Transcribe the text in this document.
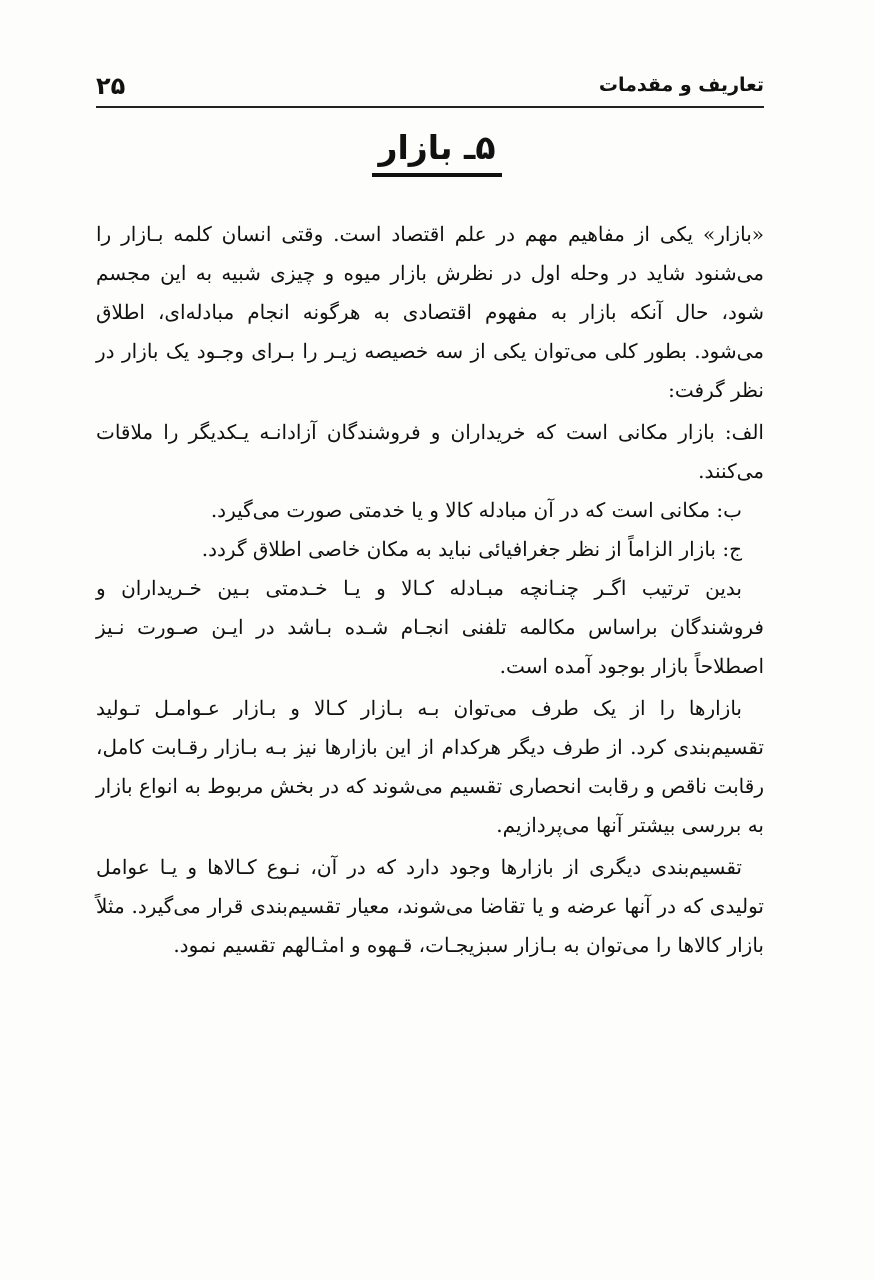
تعاریف و مقدمات
۲۵
۵ـ بازار

«بازار» یکی از مفاهیم مهم در علم اقتصاد است. وقتی انسان کلمه بـازار را می‌شنود شاید در وحله اول در نظرش بازار میوه و چیزی شبیه به این مجسم شود، حال آنکه بازار به مفهوم اقتصادی به هرگونه انجام مبادله‌ای، اطلاق می‌شود. بطور کلی می‌توان یکی از سه خصیصه زیـر را بـرای وجـود یک بازار در نظر گرفت:

الف: بازار مکانی است که خریداران و فروشندگان آزادانـه یـکدیگر را ملاقات می‌کنند.

ب: مکانی است که در آن مبادله کالا و یا خدمتی صورت می‌گیرد.

ج: بازار الزاماً از نظر جغرافیائی نباید به مکان خاصی اطلاق گردد.

بدین ترتیب اگـر چنـانچه مبـادله کـالا و یـا خـدمتی بـین خـریداران و فروشندگان براساس مکالمه تلفنی انجـام شـده بـاشد در ایـن صـورت نـیز اصطلاحاً بازار بوجود آمده است.

بازارها را از یک طرف می‌توان بـه بـازار کـالا و بـازار عـوامـل تـولید تقسیم‌بندی کرد. از طرف دیگر هرکدام از این بازارها نیز بـه بـازار رقـابت کامل، رقابت ناقص و رقابت انحصاری تقسیم می‌شوند که در بخش مربوط به انواع بازار به بررسی بیشتر آنها می‌پردازیم.

تقسیم‌بندی دیگری از بازارها وجود دارد که در آن، نـوع کـالاها و یـا عوامل تولیدی که در آنها عرضه و یا تقاضا می‌شوند، معیار تقسیم‌بندی قرار می‌گیرد. مثلاً بازار کالاها را می‌توان به بـازار سبزیجـات، قـهوه و امثـالهم تقسیم نمود.
